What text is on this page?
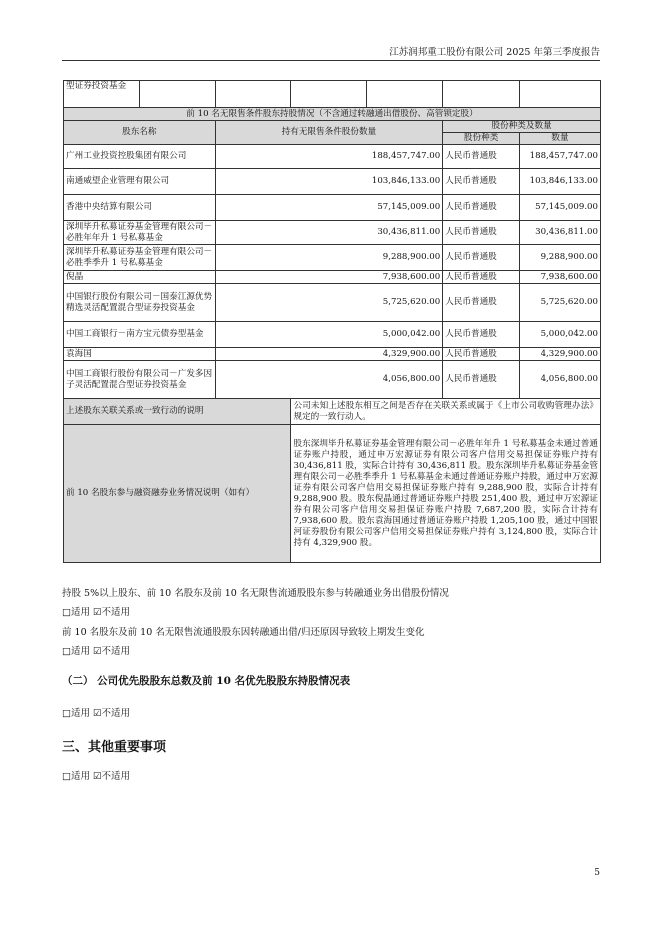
江苏润邦重工股份有限公司 2025 年第三季度报告
型证券投资基金						
前 10 名无限售条件股东持股情况（不含通过转融通出借股份、高管锁定股）						
股东名称		持有无限售条件股份数量			股份种类及数量	
					股份种类	数量
广州工业投资控股集团有限公司		188,457,747.00			人民币普通股	188,457,747.00
南通威望企业管理有限公司		103,846,133.00			人民币普通股	103,846,133.00
香港中央结算有限公司		57,145,009.00			人民币普通股	57,145,009.00
深圳毕升私募证券基金管理有限公司－必胜年年升 1 号私募基金		30,436,811.00			人民币普通股	30,436,811.00
深圳毕升私募证券基金管理有限公司－必胜季季升 1 号私募基金		9,288,900.00			人民币普通股	9,288,900.00
倪晶		7,938,600.00			人民币普通股	7,938,600.00
中国银行股份有限公司－国泰江源优势精选灵活配置混合型证券投资基金		5,725,620.00			人民币普通股	5,725,620.00
中国工商银行－南方宝元债券型基金		5,000,042.00			人民币普通股	5,000,042.00
袁海国		4,329,900.00			人民币普通股	4,329,900.00
中国工商银行股份有限公司－广发多因子灵活配置混合型证券投资基金		4,056,800.00			人民币普通股	4,056,800.00
上述股东关联关系或一致行动的说明			公司未知上述股东相互之间是否存在关联关系或属于《上市公司收购管理办法》规定的一致行动人。			
前 10 名股东参与融资融券业务情况说明（如有）			股东深圳毕升私募证券基金管理有限公司－必胜年年升 1 号私募基金未通过普通证券账户持股，通过申万宏源证券有限公司客户信用交易担保证券账户持有 30,436,811 股，实际合计持有 30,436,811 股。股东深圳毕升私募证券基金管理有限公司－必胜季季升 1 号私募基金未通过普通证券账户持股，通过申万宏源证券有限公司客户信用交易担保证券账户持有 9,288,900 股，实际合计持有 9,288,900 股。股东倪晶通过普通证券账户持股 251,400 股，通过申万宏源证券有限公司客户信用交易担保证券账户持股 7,687,200 股，实际合计持有 7,938,600 股。股东袁海国通过普通证券账户持股 1,205,100 股，通过中国银河证券股份有限公司客户信用交易担保证券账户持有 3,124,800 股，实际合计持有 4,329,900 股。			
持股 5%以上股东、前 10 名股东及前 10 名无限售流通股股东参与转融通业务出借股份情况
□适用 ☑不适用
前 10 名股东及前 10 名无限售流通股股东因转融通出借/归还原因导致较上期发生变化
□适用 ☑不适用
（二） 公司优先股股东总数及前 10 名优先股股东持股情况表
□适用 ☑不适用
三、其他重要事项
□适用 ☑不适用
5
